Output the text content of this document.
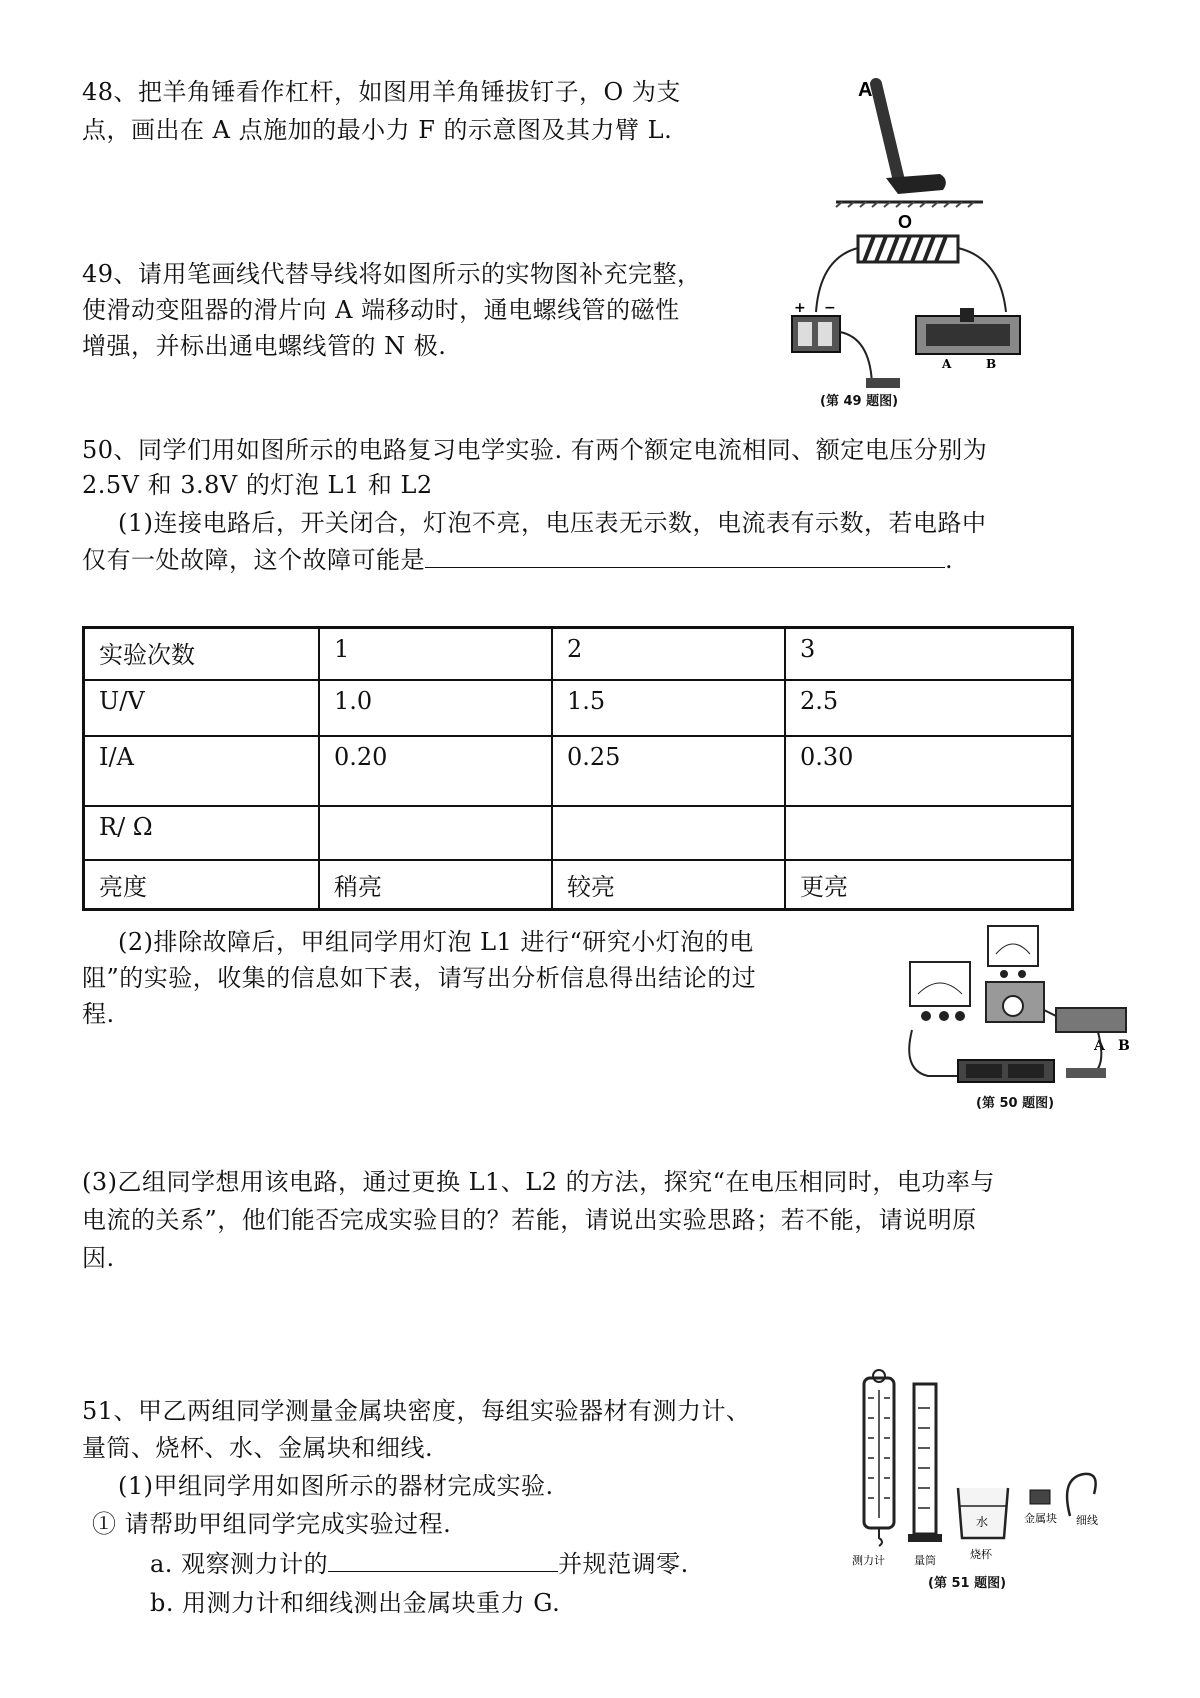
48、把羊角锤看作杠杆，如图用羊角锤拔钉子，O 为支
点，画出在 A 点施加的最小力 F 的示意图及其力臂 L.
A
O
49、请用笔画线代替导线将如图所示的实物图补充完整，
使滑动变阻器的滑片向 A 端移动时，通电螺线管的磁性
增强，并标出通电螺线管的 N 极.
+ −
A	B
(第 49 题图)
50、同学们用如图所示的电路复习电学实验. 有两个额定电流相同、额定电压分别为
2.5V 和 3.8V 的灯泡 L1 和 L2
(1)连接电路后，开关闭合，灯泡不亮，电压表无示数，电流表有示数，若电路中
仅有一处故障，这个故障可能是	.
实验次数	1	2	3
U/V	1.0	1.5	2.5
I/A	0.20	0.25	0.30
R/ Ω			
亮度	稍亮	较亮	更亮
(2)排除故障后，甲组同学用灯泡 L1 进行“研究小灯泡的电
阻”的实验，收集的信息如下表，请写出分析信息得出结论的过
程.
A B
(第 50 题图)
(3)乙组同学想用该电路，通过更换 L1、L2 的方法，探究“在电压相同时，电功率与
电流的关系”，他们能否完成实验目的？若能，请说出实验思路；若不能，请说明原
因.
51、甲乙两组同学测量金属块密度，每组实验器材有测力计、
量筒、烧杯、水、金属块和细线.
(1)甲组同学用如图所示的器材完成实验.
① 请帮助甲组同学完成实验过程.
a. 观察测力计的	并规范调零.
b. 用测力计和细线测出金属块重力 G.
水
测力计	量筒	烧杯
金属块 细线
(第 51 题图)
